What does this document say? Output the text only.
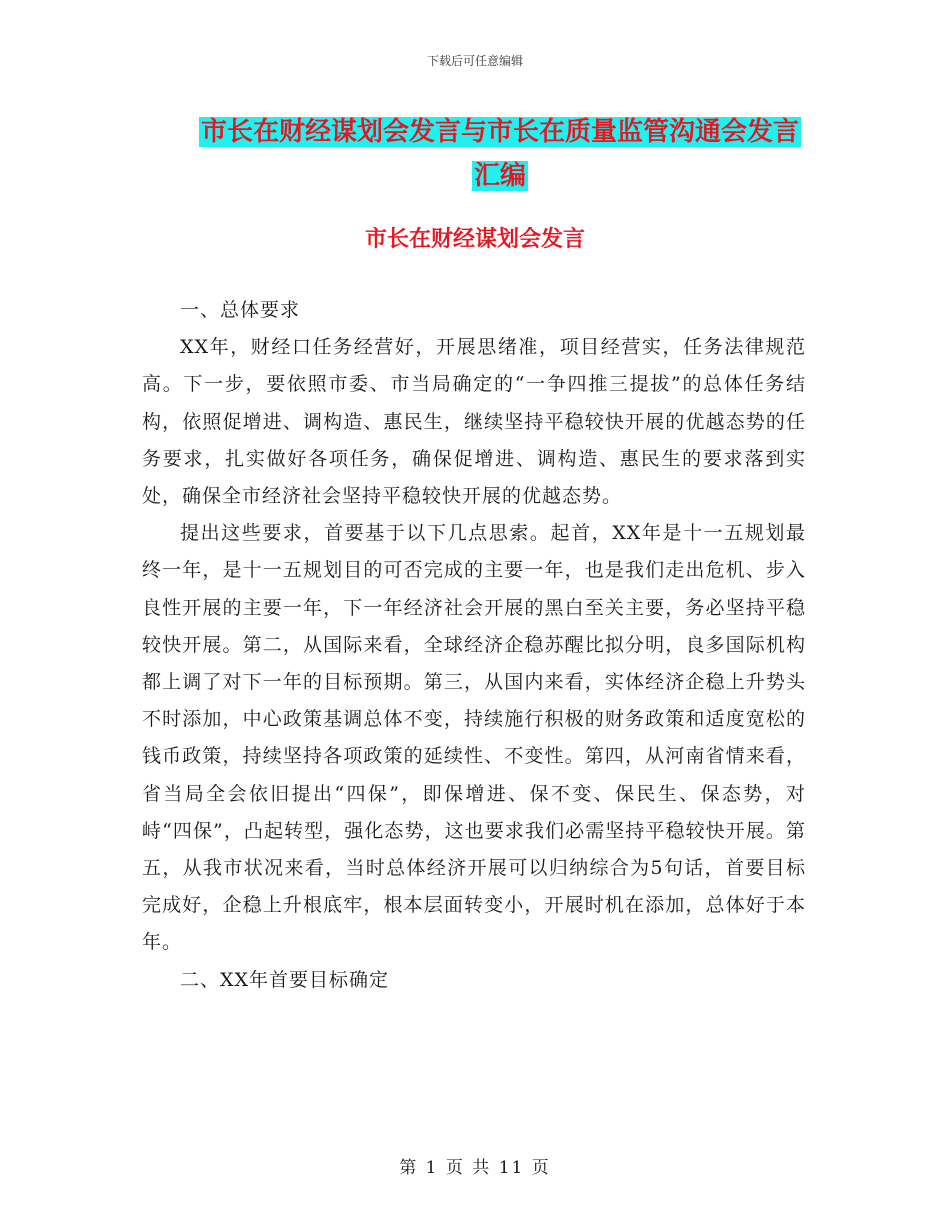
下载后可任意编辑
市长在财经谋划会发言与市长在质量监管沟通会发言
汇编
市长在财经谋划会发言

一、总体要求

XX年，财经口任务经营好，开展思绪准，项目经营实，任务法律规范高。下一步，要依照市委、市当局确定的“一争四推三提拔”的总体任务结构，依照促增进、调构造、惠民生，继续坚持平稳较快开展的优越态势的任务要求，扎实做好各项任务，确保促增进、调构造、惠民生的要求落到实处，确保全市经济社会坚持平稳较快开展的优越态势。

提出这些要求，首要基于以下几点思索。起首，XX年是十一五规划最终一年，是十一五规划目的可否完成的主要一年，也是我们走出危机、步入良性开展的主要一年，下一年经济社会开展的黑白至关主要，务必坚持平稳较快开展。第二，从国际来看，全球经济企稳苏醒比拟分明，良多国际机构都上调了对下一年的目标预期。第三，从国内来看，实体经济企稳上升势头不时添加，中心政策基调总体不变，持续施行积极的财务政策和适度宽松的钱币政策，持续坚持各项政策的延续性、不变性。第四，从河南省情来看，省当局全会依旧提出“四保”，即保增进、保不变、保民生、保态势，对峙“四保”，凸起转型，强化态势，这也要求我们必需坚持平稳较快开展。第五，从我市状况来看，当时总体经济开展可以归纳综合为5句话，首要目标完成好，企稳上升根底牢，根本层面转变小，开展时机在添加，总体好于本年。

二、XX年首要目标确定

第 1 页 共 11 页
